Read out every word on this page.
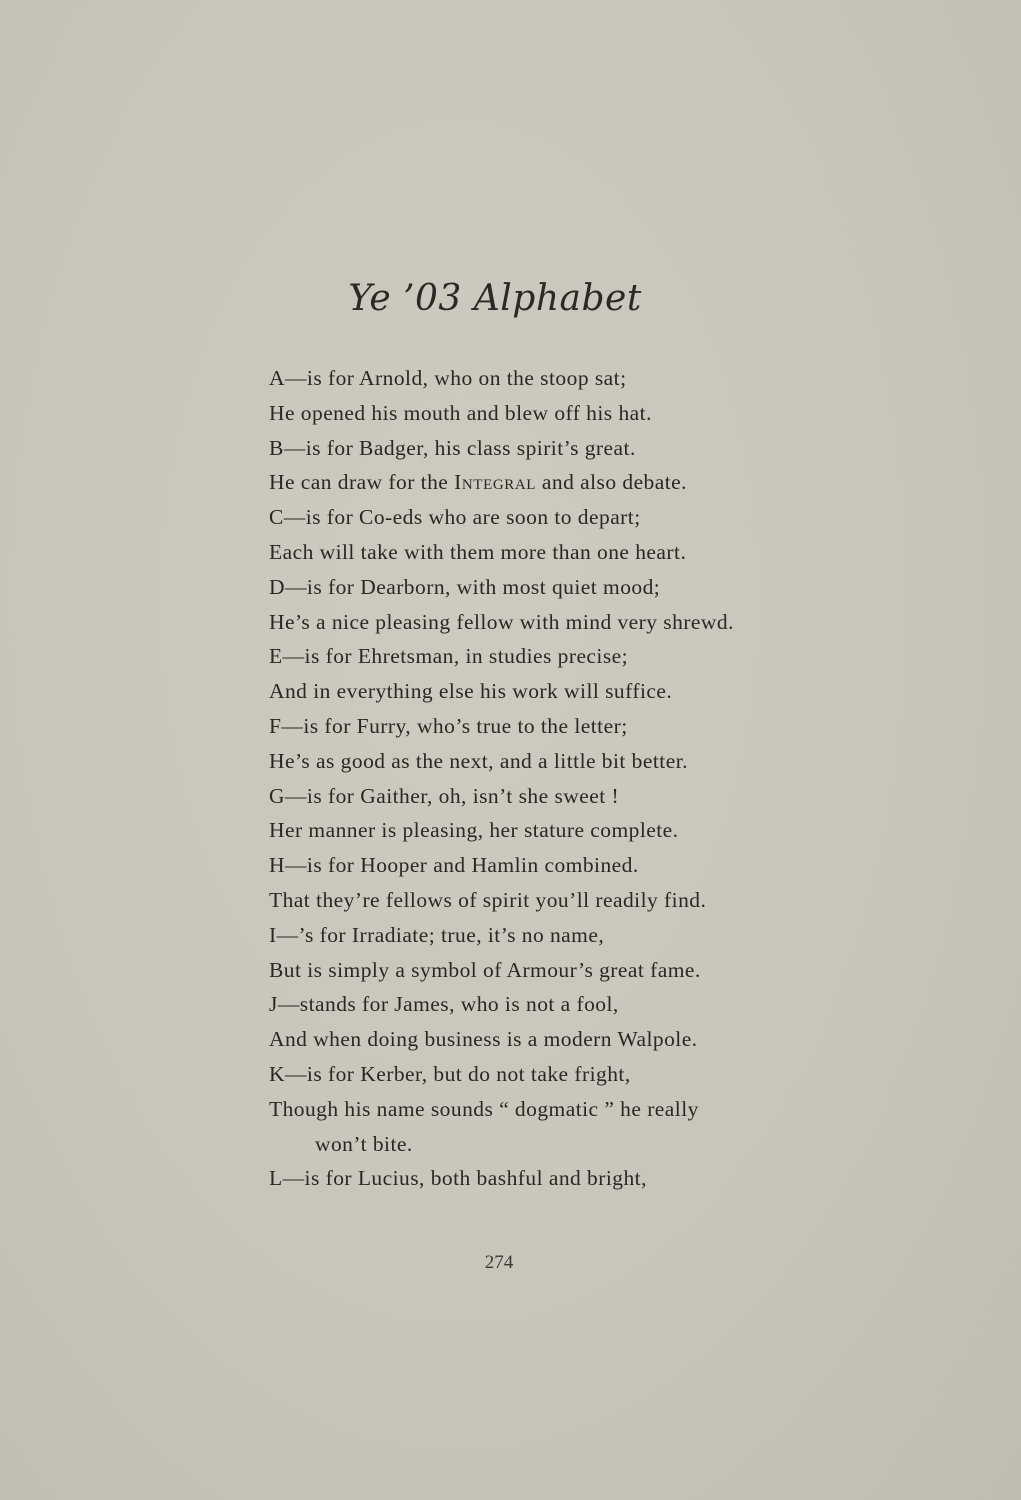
Ye ’03 Alphabet
A—is for Arnold, who on the stoop sat;
He opened his mouth and blew off his hat.
B—is for Badger, his class spirit’s great.
He can draw for the Integral and also debate.
C—is for Co-eds who are soon to depart;
Each will take with them more than one heart.
D—is for Dearborn, with most quiet mood;
He’s a nice pleasing fellow with mind very shrewd.
E—is for Ehretsman, in studies precise;
And in everything else his work will suffice.
F—is for Furry, who’s true to the letter;
He’s as good as the next, and a little bit better.
G—is for Gaither, oh, isn’t she sweet !
Her manner is pleasing, her stature complete.
H—is for Hooper and Hamlin combined.
That they’re fellows of spirit you’ll readily find.
I—’s for Irradiate; true, it’s no name,
But is simply a symbol of Armour’s great fame.
J—stands for James, who is not a fool,
And when doing business is a modern Walpole.
K—is for Kerber, but do not take fright,
Though his name sounds “ dogmatic ” he really
won’t bite.
L—is for Lucius, both bashful and bright,
274
